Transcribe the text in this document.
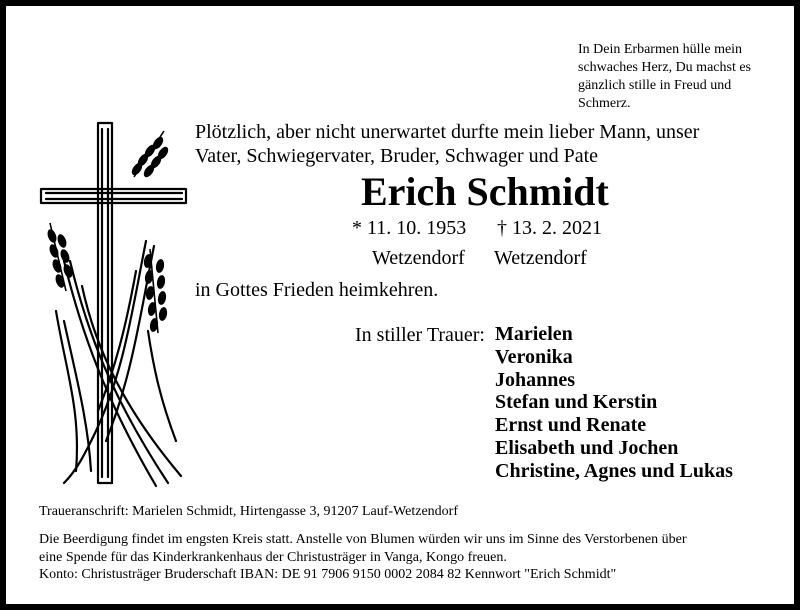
In Dein Erbarmen hülle mein
schwaches Herz, Du machst es
gänzlich stille in Freud und
Schmerz.
Plötzlich, aber nicht unerwartet durfte mein lieber Mann, unser
Vater, Schwiegervater, Bruder, Schwager und Pate
Erich Schmidt
* 11. 10. 1953 † 13. 2. 2021
Wetzendorf Wetzendorf
in Gottes Frieden heimkehren.
In stiller Trauer: Marielen
Veronika
Johannes
Stefan und Kerstin
Ernst und Renate
Elisabeth und Jochen
Christine, Agnes und Lukas
Traueranschrift: Marielen Schmidt, Hirtengasse 3, 91207 Lauf-Wetzendorf
Die Beerdigung findet im engsten Kreis statt. Anstelle von Blumen würden wir uns im Sinne des Verstorbenen über
eine Spende für das Kinderkrankenhaus der Christusträger in Vanga, Kongo freuen.
Konto: Christusträger Bruderschaft IBAN: DE 91 7906 9150 0002 2084 82 Kennwort "Erich Schmidt"
